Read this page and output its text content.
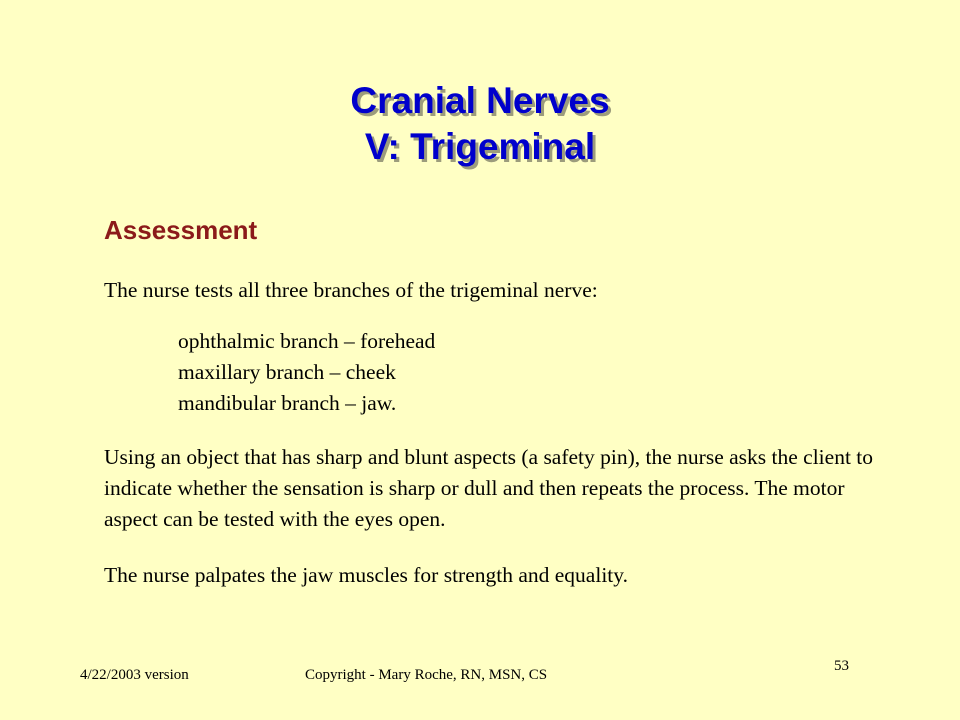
Cranial Nerves
V: Trigeminal
Assessment
The nurse tests all three branches of the trigeminal nerve:
ophthalmic branch – forehead
maxillary branch – cheek
mandibular branch – jaw.
Using an object that has sharp and blunt aspects (a safety pin), the nurse asks the client to indicate whether the sensation is sharp or dull and then repeats the process. The motor aspect can be tested with the eyes open.
The nurse palpates the jaw muscles for strength and equality.
4/22/2003 version	Copyright - Mary Roche, RN, MSN, CS
53
